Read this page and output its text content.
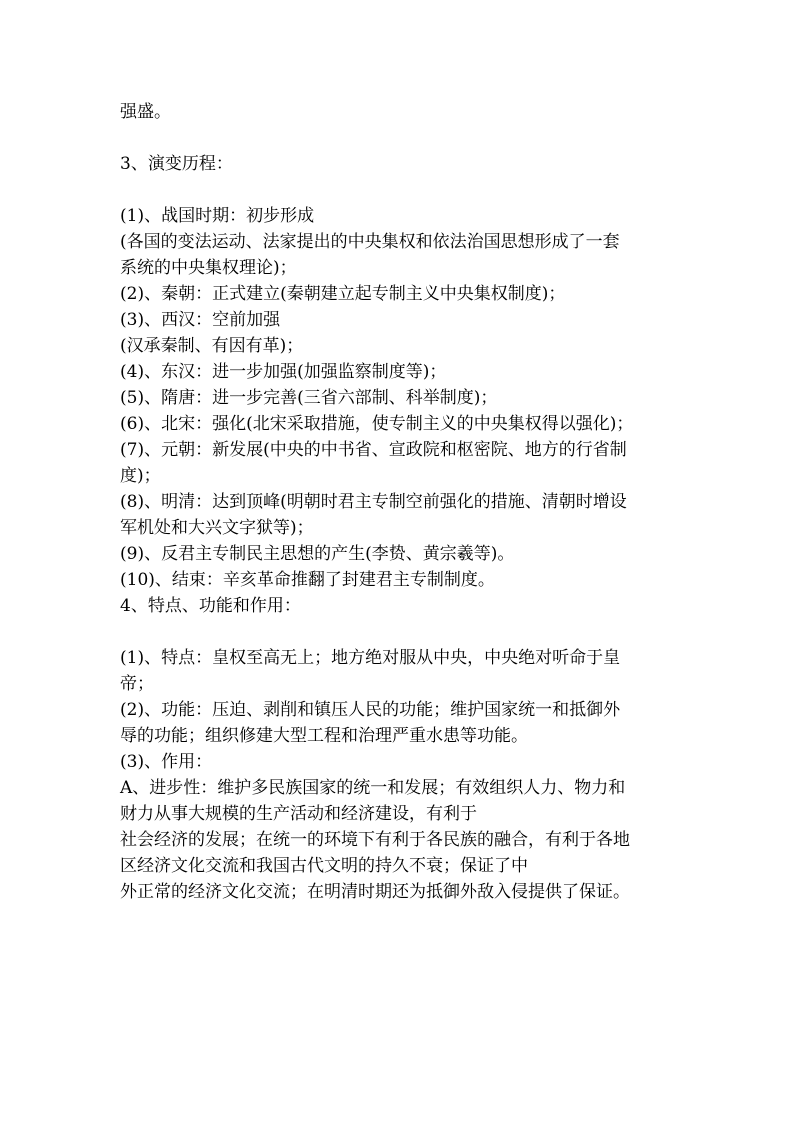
强盛。
3、演变历程：
(1)、战国时期：初步形成
(各国的变法运动、法家提出的中央集权和依法治国思想形成了一套
系统的中央集权理论)；
(2)、秦朝：正式建立(秦朝建立起专制主义中央集权制度)；
(3)、西汉：空前加强
(汉承秦制、有因有革)；
(4)、东汉：进一步加强(加强监察制度等)；
(5)、隋唐：进一步完善(三省六部制、科举制度)；
(6)、北宋：强化(北宋采取措施，使专制主义的中央集权得以强化)；
(7)、元朝：新发展(中央的中书省、宣政院和枢密院、地方的行省制
度)；
(8)、明清：达到顶峰(明朝时君主专制空前强化的措施、清朝时增设
军机处和大兴文字狱等)；
(9)、反君主专制民主思想的产生(李贽、黄宗羲等)。
(10)、结束：辛亥革命推翻了封建君主专制制度。
4、特点、功能和作用：
(1)、特点：皇权至高无上；地方绝对服从中央，中央绝对听命于皇
帝；
(2)、功能：压迫、剥削和镇压人民的功能；维护国家统一和抵御外
辱的功能；组织修建大型工程和治理严重水患等功能。
(3)、作用：
A、进步性：维护多民族国家的统一和发展；有效组织人力、物力和
财力从事大规模的生产活动和经济建设，有利于
社会经济的发展；在统一的环境下有利于各民族的融合，有利于各地
区经济文化交流和我国古代文明的持久不衰；保证了中
外正常的经济文化交流；在明清时期还为抵御外敌入侵提供了保证。
